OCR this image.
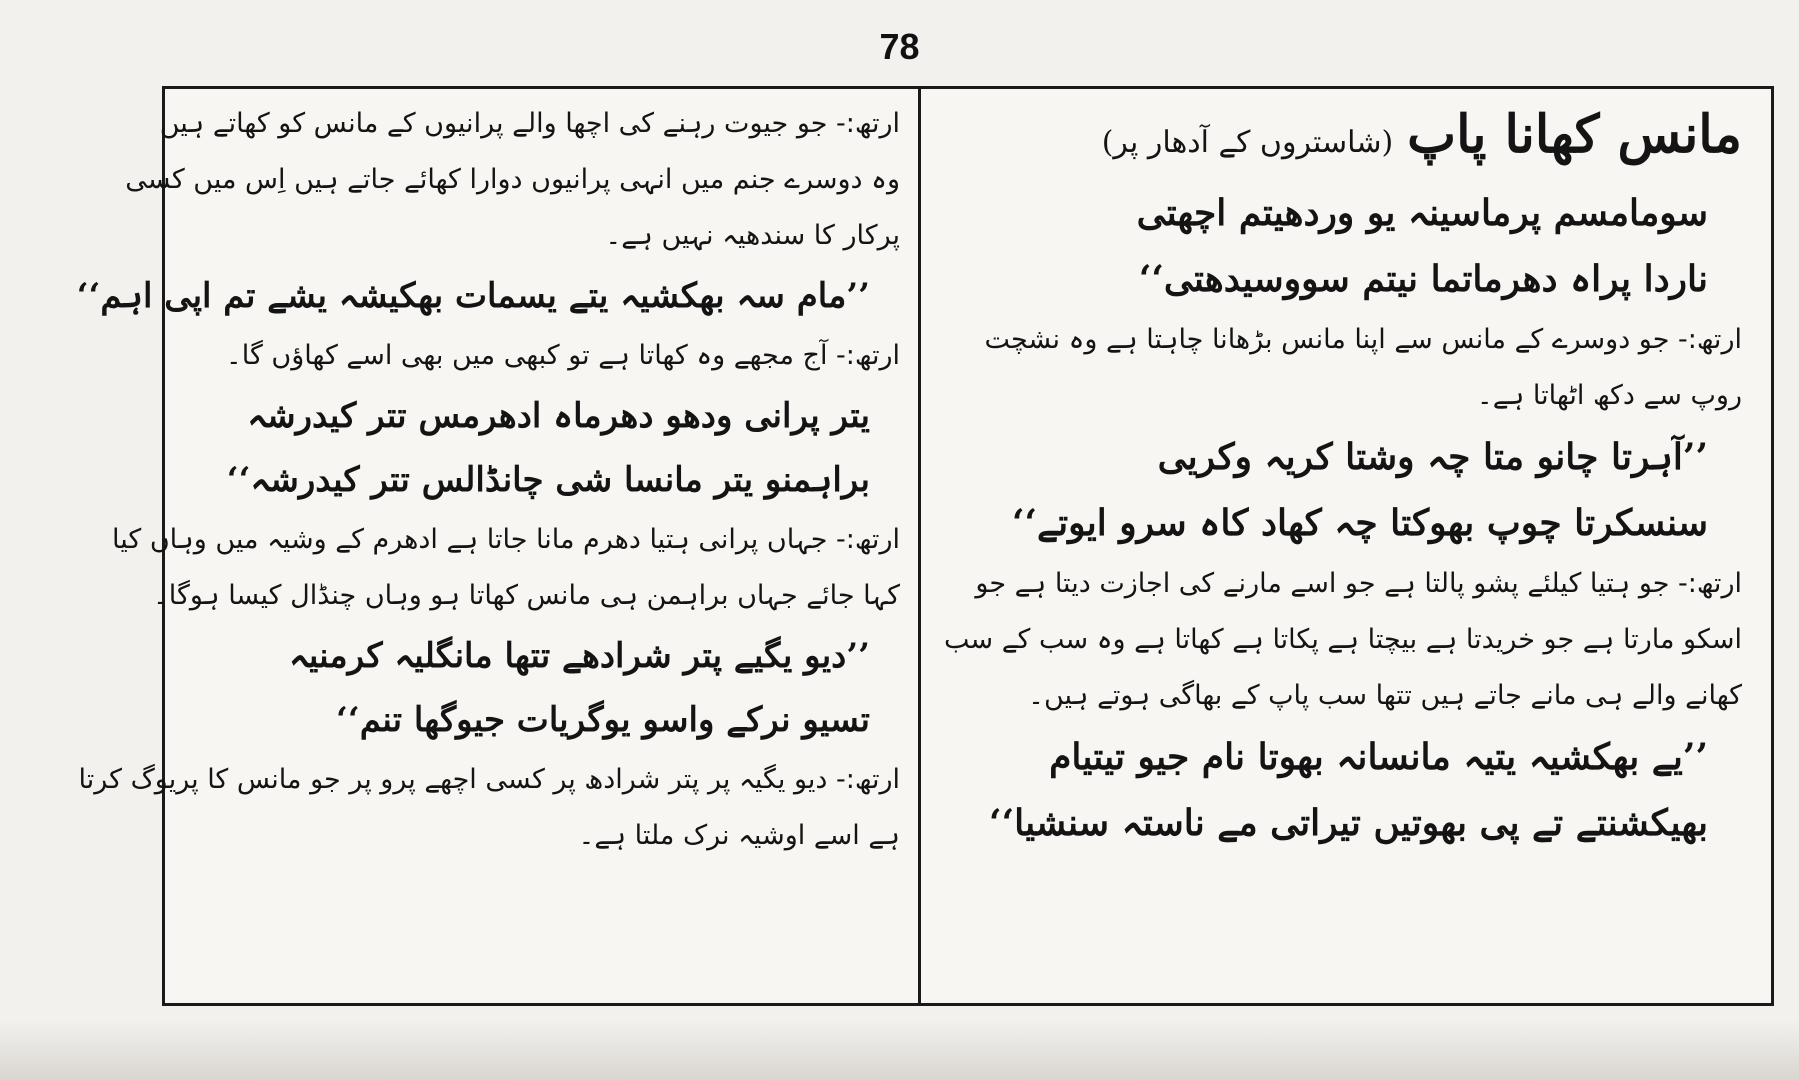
78
مانس کھانا پاپ(شاستروں کے آدھار پر)
سومامسم پرماسینہ یو وردھیتم اچھتی
ناردا پراہ دھرماتما نیتم سووسیدھتی‘‘
ارتھ:- جو دوسرے کے مانس سے اپنا مانس بڑھانا چاہتا ہے وہ نشچت
روپ سے دکھ اٹھاتا ہے۔
’’آہرتا چانو متا چہ وشتا کریہ وکریی
سنسکرتا چوپ بھوکتا چہ کھاد کاہ سرو ایوتے‘‘
ارتھ:- جو ہتیا کیلئے پشو پالتا ہے جو اسے مارنے کی اجازت دیتا ہے جو
اسکو مارتا ہے جو خریدتا ہے بیچتا ہے پکاتا ہے کھاتا ہے وہ سب کے سب
کھانے والے ہی مانے جاتے ہیں تتھا سب پاپ کے بھاگی ہوتے ہیں۔
’’یے بھکشیہ یتیہ مانسانہ بھوتا نام جیو تیتیام
بھیکشنتے تے پی بھوتیں تیراتی مے ناستہ سنشیا‘‘
ارتھ:- جو جیوت رہنے کی اچھا والے پرانیوں کے مانس کو کھاتے ہیں
وہ دوسرے جنم میں انہی پرانیوں دوارا کھائے جاتے ہیں اِس میں کسی
پرکار کا سندھیہ نہیں ہے۔
’’مام سہ بھکشیہ یتے یسمات بھکیشہ یشے تم اپی اہم‘‘
ارتھ:- آج مجھے وہ کھاتا ہے تو کبھی میں بھی اسے کھاؤں گا۔
یتر پرانی ودھو دھرماہ ادھرمس تتر کیدرشہ
براہمنو یتر مانسا شی چانڈالس تتر کیدرشہ‘‘
ارتھ:- جہاں پرانی ہتیا دھرم مانا جاتا ہے ادھرم کے وشیہ میں وہاں کیا
کہا جائے جہاں براہمن ہی مانس کھاتا ہو وہاں چنڈال کیسا ہوگا۔
’’دیو یگیے پتر شرادھے تتھا مانگلیہ کرمنیہ
تسیو نرکے واسو یوگریات جیوگھا تنم‘‘
ارتھ:- دیو یگیہ پر پتر شرادھ پر کسی اچھے پرو پر جو مانس کا پریوگ کرتا
ہے اسے اوشیہ نرک ملتا ہے۔
